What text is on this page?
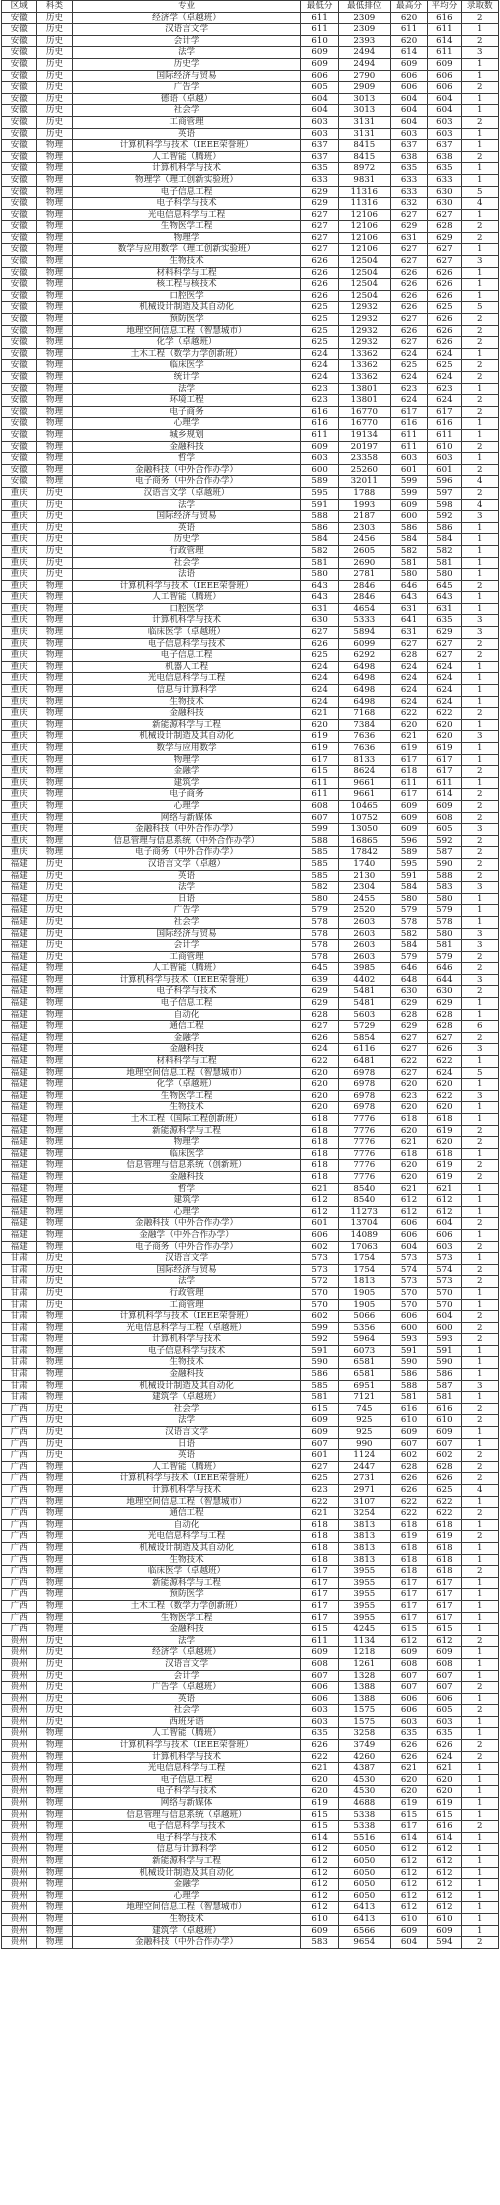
区域	科类	专业	最低分	最低排位	最高分	平均分	录取数
安徽	历史	经济学（卓越班）	611	2309	620	616	2
安徽	历史	汉语言文学	611	2309	611	611	1
安徽	历史	会计学	610	2393	620	614	2
安徽	历史	法学	609	2494	614	611	3
安徽	历史	历史学	609	2494	609	609	1
安徽	历史	国际经济与贸易	606	2790	606	606	1
安徽	历史	广告学	605	2909	606	606	2
安徽	历史	德语（卓越）	604	3013	604	604	1
安徽	历史	社会学	604	3013	604	604	1
安徽	历史	工商管理	603	3131	604	603	2
安徽	历史	英语	603	3131	603	603	1
安徽	物理	计算机科学与技术（IEEE荣誉班）	637	8415	637	637	1
安徽	物理	人工智能（腾班）	637	8415	638	638	2
安徽	物理	计算机科学与技术	635	8972	635	635	1
安徽	物理	物理学（理工创新实验班）	633	9831	633	633	1
安徽	物理	电子信息工程	629	11316	633	630	5
安徽	物理	电子科学与技术	629	11316	632	630	4
安徽	物理	光电信息科学与工程	627	12106	627	627	1
安徽	物理	生物医学工程	627	12106	629	628	2
安徽	物理	物理学	627	12106	631	629	2
安徽	物理	数学与应用数学（理工创新实验班）	627	12106	627	627	1
安徽	物理	生物技术	626	12504	627	627	3
安徽	物理	材料科学与工程	626	12504	626	626	1
安徽	物理	核工程与核技术	626	12504	626	626	1
安徽	物理	口腔医学	626	12504	626	626	1
安徽	物理	机械设计制造及其自动化	625	12932	626	625	5
安徽	物理	预防医学	625	12932	627	626	2
安徽	物理	地理空间信息工程（智慧城市）	625	12932	626	626	2
安徽	物理	化学（卓越班）	625	12932	627	626	2
安徽	物理	土木工程（数学力学创新班）	624	13362	624	624	1
安徽	物理	临床医学	624	13362	625	625	2
安徽	物理	统计学	624	13362	624	624	2
安徽	物理	法学	623	13801	623	623	1
安徽	物理	环境工程	623	13801	624	624	2
安徽	物理	电子商务	616	16770	617	617	2
安徽	物理	心理学	616	16770	616	616	1
安徽	物理	城乡规划	611	19134	611	611	1
安徽	物理	金融科技	609	20197	611	610	2
安徽	物理	哲学	603	23358	603	603	1
安徽	物理	金融科技（中外合作办学）	600	25260	601	601	2
安徽	物理	电子商务（中外合作办学）	589	32011	599	596	4
重庆	历史	汉语言文学（卓越班）	595	1788	599	597	2
重庆	历史	法学	591	1993	609	598	4
重庆	历史	国际经济与贸易	588	2187	600	592	3
重庆	历史	英语	586	2303	586	586	1
重庆	历史	历史学	584	2456	584	584	1
重庆	历史	行政管理	582	2605	582	582	1
重庆	历史	社会学	581	2690	581	581	1
重庆	历史	法语	580	2781	580	580	1
重庆	物理	计算机科学与技术（IEEE荣誉班）	643	2846	646	645	2
重庆	物理	人工智能（腾班）	643	2846	643	643	1
重庆	物理	口腔医学	631	4654	631	631	1
重庆	物理	计算机科学与技术	630	5333	641	635	3
重庆	物理	临床医学（卓越班）	627	5894	631	629	3
重庆	物理	电子信息科学与技术	626	6099	627	627	2
重庆	物理	电子信息工程	625	6292	628	627	2
重庆	物理	机器人工程	624	6498	624	624	1
重庆	物理	光电信息科学与工程	624	6498	624	624	1
重庆	物理	信息与计算科学	624	6498	624	624	1
重庆	物理	生物技术	624	6498	624	624	1
重庆	物理	金融科技	621	7168	622	622	2
重庆	物理	新能源科学与工程	620	7384	620	620	1
重庆	物理	机械设计制造及其自动化	619	7636	621	620	3
重庆	物理	数学与应用数学	619	7636	619	619	1
重庆	物理	物理学	617	8133	617	617	1
重庆	物理	金融学	615	8624	618	617	2
重庆	物理	建筑学	611	9661	611	611	1
重庆	物理	电子商务	611	9661	617	614	2
重庆	物理	心理学	608	10465	609	609	2
重庆	物理	网络与新媒体	607	10752	609	608	2
重庆	物理	金融科技（中外合作办学）	599	13050	609	605	3
重庆	物理	信息管理与信息系统（中外合作办学）	588	16865	596	592	2
重庆	物理	电子商务（中外合作办学）	585	17842	589	587	2
福建	历史	汉语言文学（卓越）	585	1740	595	590	2
福建	历史	英语	585	2130	591	588	2
福建	历史	法学	582	2304	584	583	3
福建	历史	日语	580	2455	580	580	1
福建	历史	广告学	579	2520	579	579	1
福建	历史	社会学	578	2603	578	578	1
福建	历史	国际经济与贸易	578	2603	582	580	3
福建	历史	会计学	578	2603	584	581	3
福建	历史	工商管理	578	2603	579	579	2
福建	物理	人工智能（腾班）	645	3985	646	646	2
福建	物理	计算机科学与技术（IEEE荣誉班）	639	4402	648	644	3
福建	物理	电子科学与技术	629	5481	630	630	2
福建	物理	电子信息工程	629	5481	629	629	1
福建	物理	自动化	628	5603	628	628	1
福建	物理	通信工程	627	5729	629	628	6
福建	物理	金融学	626	5854	627	627	2
福建	物理	金融科技	624	6116	627	626	3
福建	物理	材料科学与工程	622	6481	622	622	1
福建	物理	地理空间信息工程（智慧城市）	620	6978	627	624	5
福建	物理	化学（卓越班）	620	6978	620	620	1
福建	物理	生物医学工程	620	6978	623	622	3
福建	物理	生物技术	620	6978	620	620	1
福建	物理	土木工程（国际工程创新班）	618	7776	618	618	1
福建	物理	新能源科学与工程	618	7776	620	619	2
福建	物理	物理学	618	7776	621	620	2
福建	物理	临床医学	618	7776	618	618	1
福建	物理	信息管理与信息系统（创新班）	618	7776	620	619	2
福建	物理	金融科技	618	7776	620	619	2
福建	物理	哲学	621	8540	621	621	1
福建	物理	建筑学	612	8540	612	612	1
福建	物理	心理学	612	11273	612	612	1
福建	物理	金融科技（中外合作办学）	601	13704	606	604	2
福建	物理	金融学（中外合作办学）	606	14089	606	606	1
福建	物理	电子商务（中外合作办学）	602	17063	604	603	2
甘肃	历史	汉语言文学	573	1754	573	573	1
甘肃	历史	国际经济与贸易	573	1754	574	574	2
甘肃	历史	法学	572	1813	573	573	2
甘肃	历史	行政管理	570	1905	570	570	1
甘肃	历史	工商管理	570	1905	570	570	1
甘肃	物理	计算机科学与技术（IEEE荣誉班）	602	5066	606	604	2
甘肃	物理	光电信息科学与工程（卓越班）	599	5356	600	600	2
甘肃	物理	计算机科学与技术	592	5964	593	593	2
甘肃	物理	电子信息科学与技术	591	6073	591	591	1
甘肃	物理	生物技术	590	6581	590	590	1
甘肃	物理	金融科技	586	6581	586	586	1
甘肃	物理	机械设计制造及其自动化	585	6951	588	587	3
甘肃	物理	建筑学（卓越班）	581	7121	581	581	1
广西	历史	社会学	615	745	616	616	2
广西	历史	法学	609	925	610	610	2
广西	历史	汉语言文学	609	925	609	609	1
广西	历史	日语	607	990	607	607	1
广西	历史	英语	601	1124	602	602	2
广西	物理	人工智能（腾班）	627	2447	628	628	2
广西	物理	计算机科学与技术（IEEE荣誉班）	625	2731	626	626	2
广西	物理	计算机科学与技术	623	2971	626	625	4
广西	物理	地理空间信息工程（智慧城市）	622	3107	622	622	1
广西	物理	通信工程	621	3254	622	622	2
广西	物理	自动化	618	3813	618	618	1
广西	物理	光电信息科学与工程	618	3813	619	619	2
广西	物理	机械设计制造及其自动化	618	3813	618	618	1
广西	物理	生物技术	618	3813	618	618	1
广西	物理	临床医学（卓越班）	617	3955	618	618	2
广西	物理	新能源科学与工程	617	3955	617	617	1
广西	物理	预防医学	617	3955	617	617	1
广西	物理	土木工程（数学力学创新班）	617	3955	617	617	1
广西	物理	生物医学工程	617	3955	617	617	1
广西	物理	金融科技	615	4245	615	615	1
贵州	历史	法学	611	1134	612	612	2
贵州	历史	经济学（卓越班）	609	1218	609	609	1
贵州	历史	汉语言文学	608	1261	608	608	1
贵州	历史	会计学	607	1328	607	607	1
贵州	历史	广告学（卓越班）	606	1388	607	607	2
贵州	历史	英语	606	1388	606	606	1
贵州	历史	社会学	603	1575	606	605	2
贵州	历史	西班牙语	603	1575	603	603	1
贵州	物理	人工智能（腾班）	635	3258	635	635	1
贵州	物理	计算机科学与技术（IEEE荣誉班）	626	3749	626	626	2
贵州	物理	计算机科学与技术	622	4260	626	624	2
贵州	物理	光电信息科学与工程	621	4387	621	621	1
贵州	物理	电子信息工程	620	4530	620	620	1
贵州	物理	电子科学与技术	620	4530	620	620	1
贵州	物理	网络与新媒体	619	4688	619	619	1
贵州	物理	信息管理与信息系统（卓越班）	615	5338	615	615	1
贵州	物理	电子信息科学与技术	615	5338	617	616	2
贵州	物理	电子科学与技术	614	5516	614	614	1
贵州	物理	信息与计算科学	612	6050	612	612	1
贵州	物理	新能源科学与工程	612	6050	612	612	1
贵州	物理	机械设计制造及其自动化	612	6050	612	612	1
贵州	物理	金融学	612	6050	612	612	1
贵州	物理	心理学	612	6050	612	612	1
贵州	物理	地理空间信息工程（智慧城市）	612	6413	612	612	1
贵州	物理	生物技术	610	6413	610	610	1
贵州	物理	建筑学（卓越班）	609	6566	609	609	1
贵州	物理	金融科技（中外合作办学）	583	9654	604	594	2
